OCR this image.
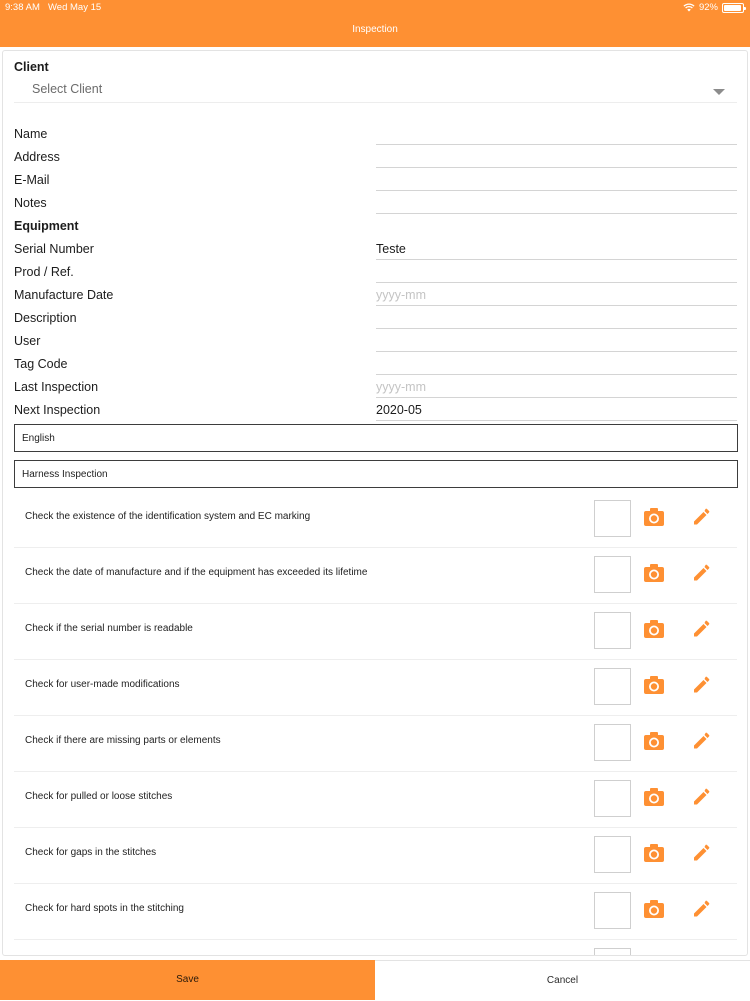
9:38 AM Wed May 15	92%
Inspection
Client
Select Client
Name
Address
E-Mail
Notes
Equipment
Serial Number	Teste
Prod / Ref.
Manufacture Date	yyyy-mm
Description
User
Tag Code
Last Inspection	yyyy-mm
Next Inspection	2020-05
English
Harness Inspection
Check the existence of the identification system and EC marking
Check the date of manufacture and if the equipment has exceeded its lifetime
Check if the serial number is readable
Check for user-made modifications
Check if there are missing parts or elements
Check for pulled or loose stitches
Check for gaps in the stitches
Check for hard spots in the stitching
Save	Cancel
